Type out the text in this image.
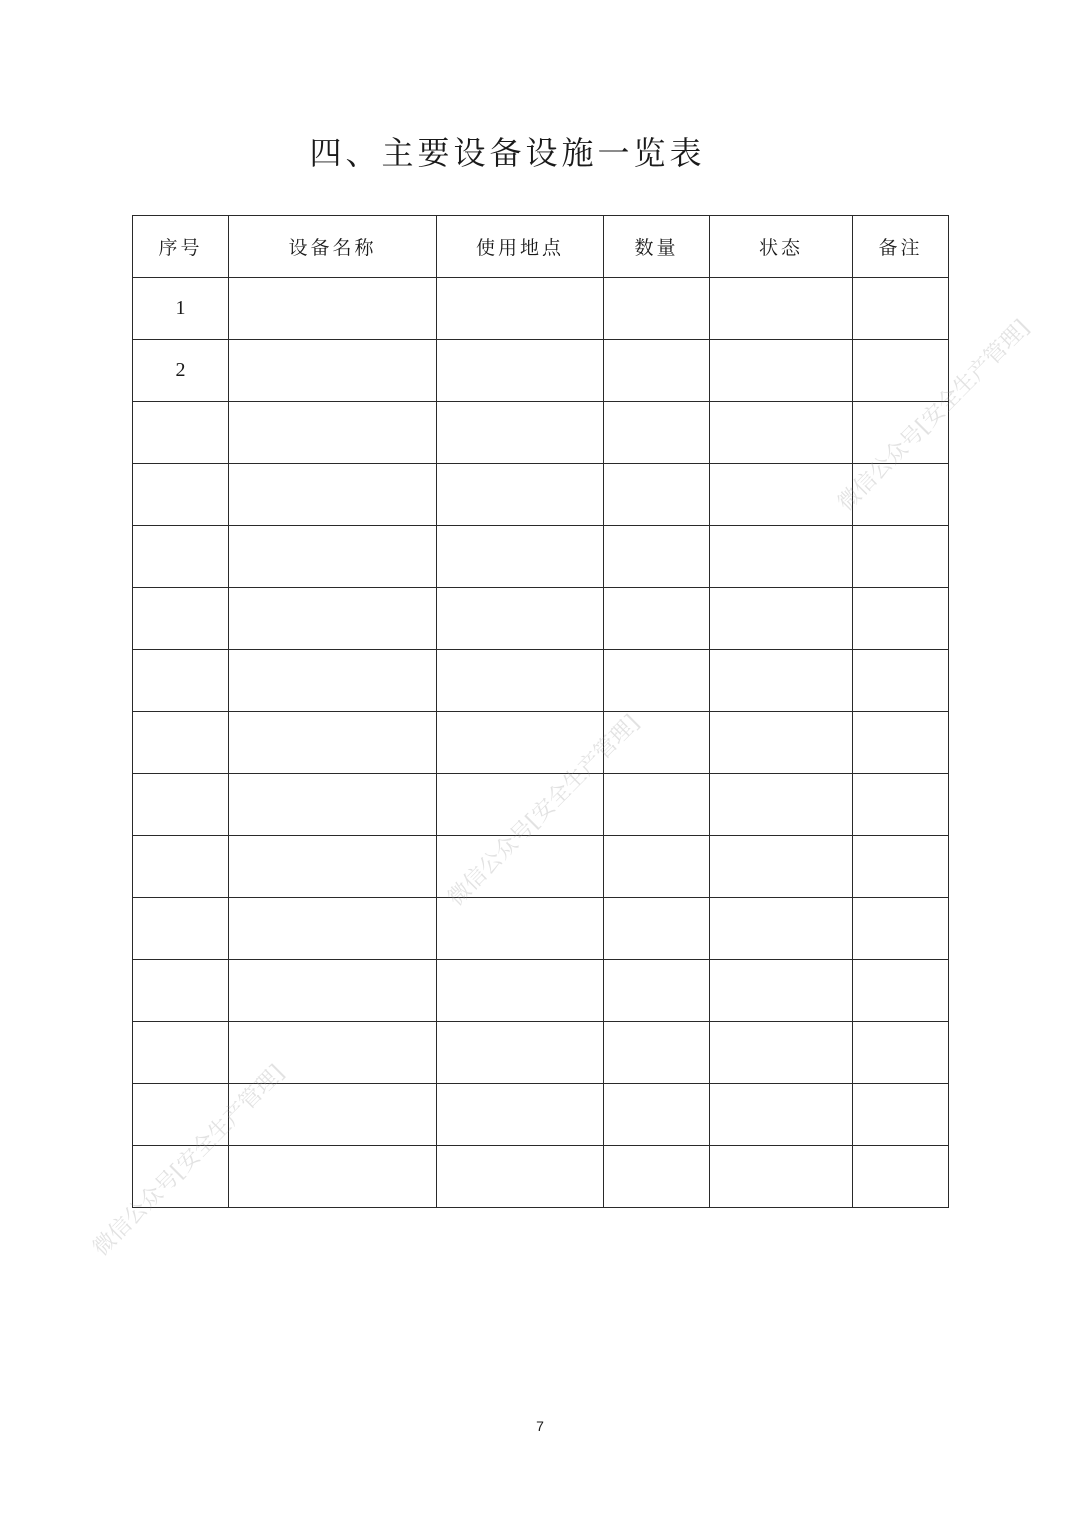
四、主要设备设施一览表
序号	设备名称	使用地点	数量	状态	备注
1					
2					

7
微信公众号[安全生产管理]
微信公众号[安全生产管理]
微信公众号[安全生产管理]
